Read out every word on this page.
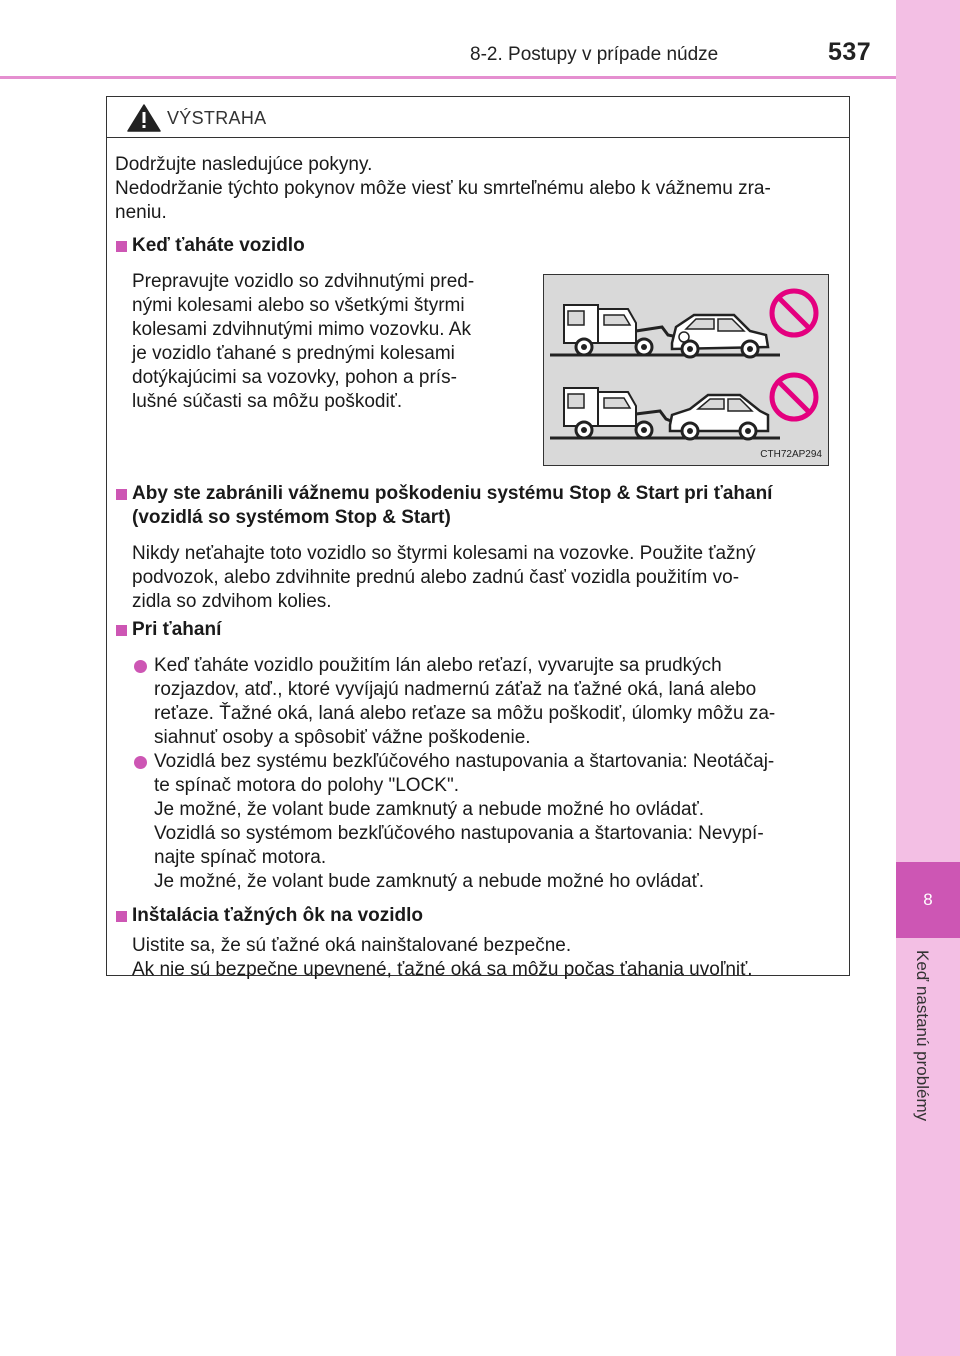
8-2. Postupy v prípade núdze	537
8
Keď nastanú problémy
VÝSTRAHA
Dodržujte nasledujúce pokyny.
Nedodržanie týchto pokynov môže viesť ku smrteľnému alebo k vážnemu zra-
neniu.
Keď ťaháte vozidlo
Prepravujte vozidlo so zdvihnutými pred-
nými kolesami alebo so všetkými štyrmi
kolesami zdvihnutými mimo vozovku. Ak
je vozidlo ťahané s prednými kolesami
dotýkajúcimi sa vozovky, pohon a prís-
lušné súčasti sa môžu poškodiť.
CTH72AP294
Aby ste zabránili vážnemu poškodeniu systému Stop & Start pri ťahaní
(vozidlá so systémom Stop & Start)
Nikdy neťahajte toto vozidlo so štyrmi kolesami na vozovke. Použite ťažný
podvozok, alebo zdvihnite prednú alebo zadnú časť vozidla použitím vo-
zidla so zdvihom kolies.
Pri ťahaní
Keď ťaháte vozidlo použitím lán alebo reťazí, vyvarujte sa prudkých
rozjazdov, atď., ktoré vyvíjajú nadmernú záťaž na ťažné oká, laná alebo
reťaze. Ťažné oká, laná alebo reťaze sa môžu poškodiť, úlomky môžu za-
siahnuť osoby a spôsobiť vážne poškodenie.
Vozidlá bez systému bezkľúčového nastupovania a štartovania: Neotáčaj-
te spínač motora do polohy "LOCK".
Je možné, že volant bude zamknutý a nebude možné ho ovládať.
Vozidlá so systémom bezkľúčového nastupovania a štartovania: Nevypí-
najte spínač motora.
Je možné, že volant bude zamknutý a nebude možné ho ovládať.
Inštalácia ťažných ôk na vozidlo
Uistite sa, že sú ťažné oká nainštalované bezpečne.
Ak nie sú bezpečne upevnené, ťažné oká sa môžu počas ťahania uvoľniť.
